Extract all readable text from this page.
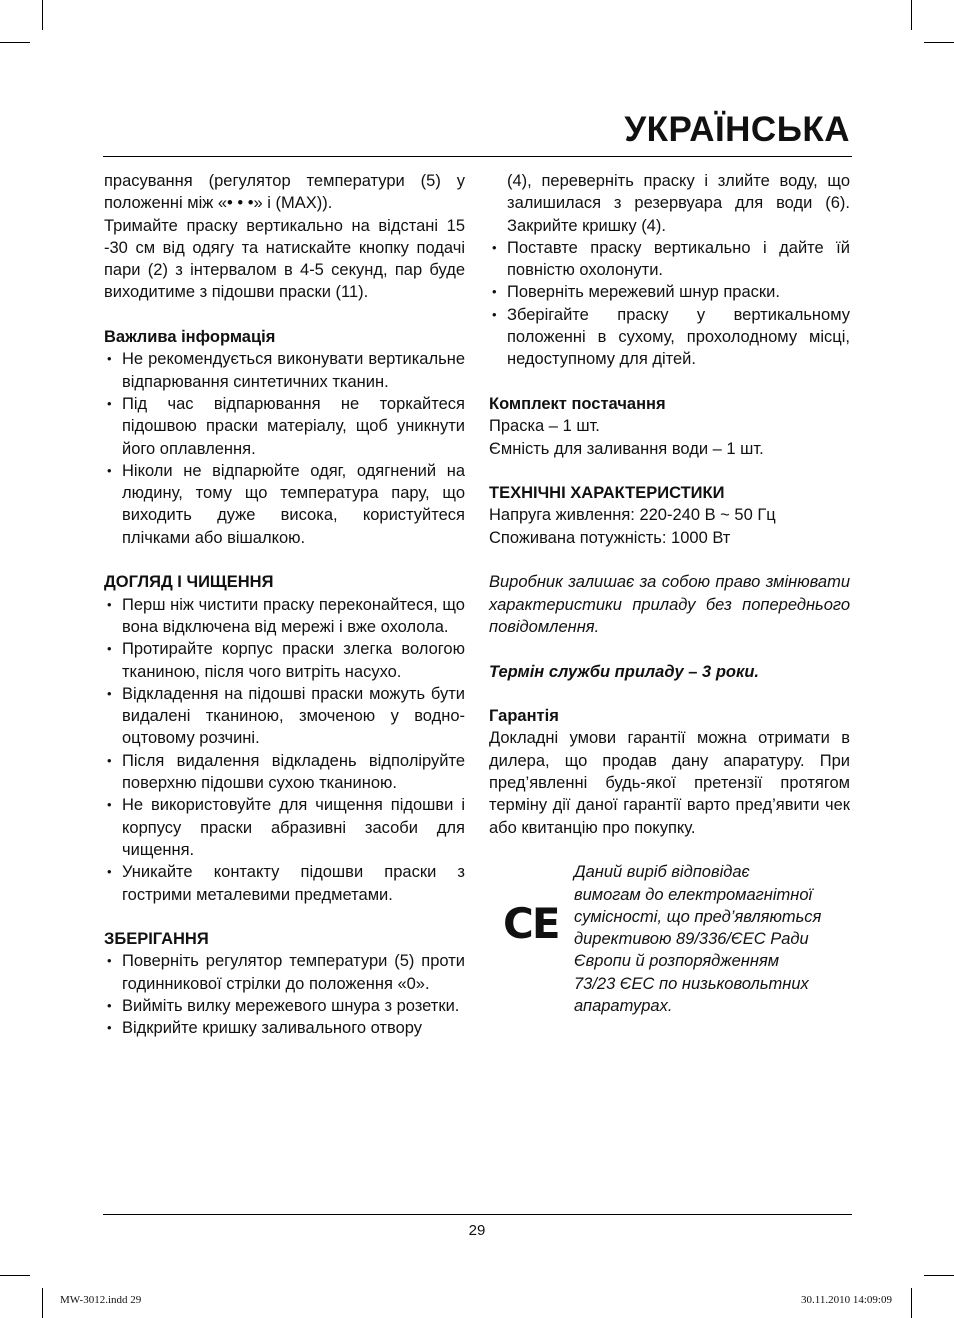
УКРАЇНСЬКА

прасування (регулятор температури (5) у положенні між «• • •» і (MAX)).

Тримайте праску вертикально на відстані 15 -30 см від одягу та натискайте кнопку подачі пари (2) з інтервалом в 4-5 секунд, пар буде виходитиме з підошви праски (11).

Важлива інформація

• Не рекомендується виконувати вертикальне відпарювання синтетичних тканин.
• Під час відпарювання не торкайтеся підошвою праски матеріалу, щоб уникнути його оплавлення.
• Ніколи не відпарюйте одяг, одягнений на людину, тому що температура пару, що виходить дуже висока, користуйтеся плічками або вішалкою.

ДОГЛЯД І ЧИЩЕННЯ

• Перш ніж чистити праску переконайтеся, що вона відключена від мережі і вже охолола.
• Протирайте корпус праски злегка вологою тканиною, після чого витріть насухо.
• Відкладення на підошві праски можуть бути видалені тканиною, змоченою у водно-оцтовому розчині.
• Після видалення відкладень відполіруйте поверхню підошви сухою тканиною.
• Не використовуйте для чищення підошви і корпусу праски абразивні засоби для чищення.
• Уникайте контакту підошви праски з гострими металевими предметами.

ЗБЕРІГАННЯ

• Поверніть регулятор температури (5) проти годинникової стрілки до положення «0».
• Вийміть вилку мережевого шнура з розетки.
• Відкрийте кришку заливального отвору

(4), переверніть праску і злийте воду, що залишилася з резервуара для води (6). Закрийте кришку (4).

• Поставте праску вертикально і дайте їй повністю охолонути.
• Поверніть мережевий шнур праски.
• Зберігайте праску у вертикальному положенні в сухому, прохолодному місці, недоступному для дітей.

Комплект постачання

Праска – 1 шт.

Ємність для заливання води – 1 шт.

ТЕХНІЧНІ ХАРАКТЕРИСТИКИ

Напруга живлення: 220-240 В ~ 50 Гц

Споживана потужність: 1000 Вт

Виробник залишає за собою право змінювати характеристики приладу без попереднього повідомлення.

Термін служби приладу – 3 роки.

Гарантія

Докладні умови гарантії можна отримати в дилера, що продав дану апаратуру. При пред’явленні будь-якої претензії протягом терміну дії даної гарантії варто пред’явити чек або квитанцію про покупку.

CE
Даний виріб відповідає
вимогам до електромагнітної
сумісності, що пред’являються
директивою 89/336/ЄЕС Ради
Європи й розпорядженням
73/23 ЄЕС по низьковольтних
апаратурах.

29

MW-3012.indd 29	30.11.2010 14:09:09
